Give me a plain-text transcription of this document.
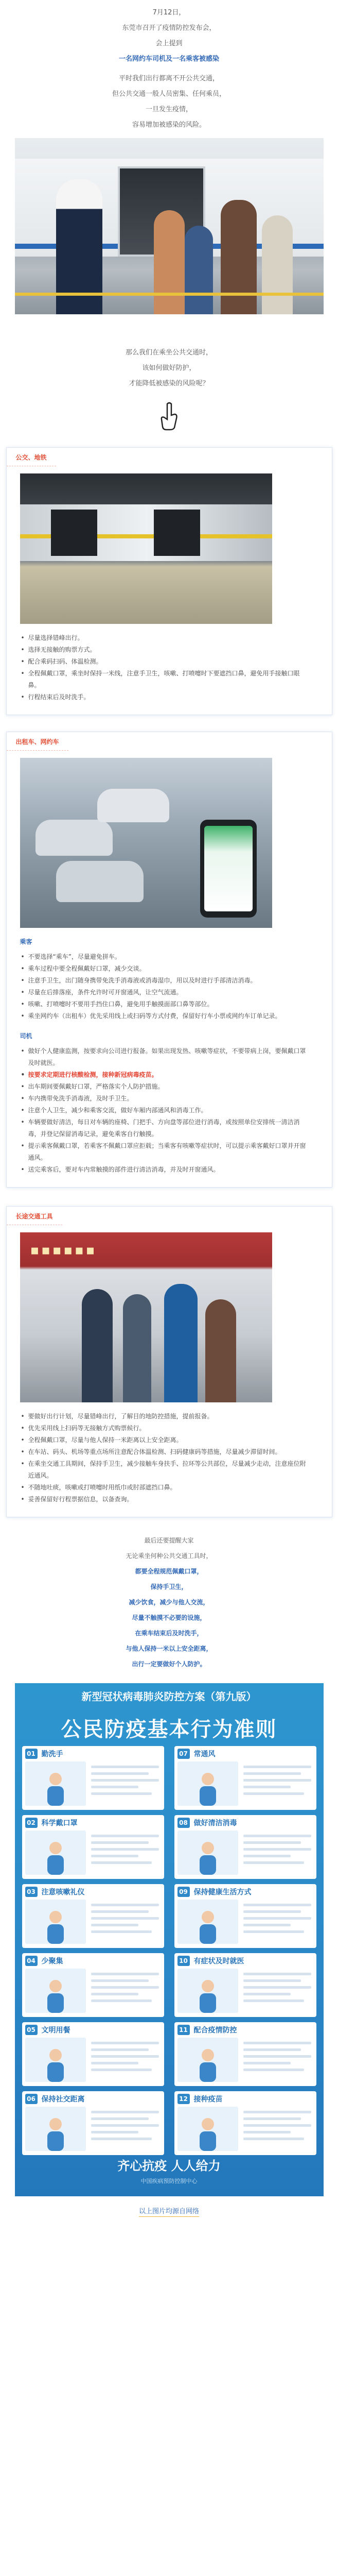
7月12日，

东莞市召开了疫情防控发布会，

会上提到

一名网约车司机及一名乘客被感染

平时我们出行都离不开公共交通，

但公共交通一般人员密集、任何乘员，

一旦发生疫情，

容易增加被感染的风险。

那么我们在乘坐公共交通时，

该如何做好防护，

才能降低被感染的风险呢？

公交、地铁
• 尽量选择错峰出行。
• 选择无接触的购票方式。
• 配合乘码扫码、体温检测。
• 全程佩戴口罩，乘坐时保持一米线，注意手卫生，咳嗽、打喷嚏时下要遮挡口鼻，避免用手接触口眼鼻。
• 行程结束后及时洗手。
出租车、网约车
乘客
• 不要选择“乘车”，尽量避免拼车。
• 乘车过程中要全程佩戴好口罩，减少交谈。
• 注意手卫生，出门随身携带免洗手消毒液或消毒湿巾，用以及时进行手部清洁消毒。
• 尽量在后排落座，条件允许时可开窗通风，让空气流通。
• 咳嗽、打喷嚏时不要用手挡住口鼻，避免用手触摸面部口鼻等部位。
• 乘坐网约车（出租车）优先采用线上或扫码等方式付费，保留好行车小票或网约车订单记录。
司机
• 做好个人健康监测，按要求向公司进行报备。如果出现发热、咳嗽等症状，不要带病上岗，要佩戴口罩及时就医。
• 按要求定期进行核酸检测，接种新冠病毒疫苗。
• 出车期间要佩戴好口罩，严格落实个人防护措施。
• 车内携带免洗手消毒液，及时手卫生。
• 注意个人卫生，减少和乘客交流，做好车厢内部通风和消毒工作。
• 车辆要做好清洁，每日对车辆的座椅、门把手、方向盘等部位进行消毒，或按照单位安排统一清洁消毒，并登记保留消毒记录，避免乘客自行触摸。
• 提示乘客佩戴口罩，若乘客不佩戴口罩应拒载；当乘客有咳嗽等症状时，可以提示乘客戴好口罩并开窗通风。
• 送完乘客后，要对车内常触摸的部件进行清洁消毒，并及时开窗通风。
长途交通工具
▪▪▪▪▪▪
• 要做好出行计划，尽量错峰出行，了解目的地防控措施，提前报备。
• 优先采用线上扫码等无接触方式购票候行。
• 全程佩戴口罩，尽量与他人保持一米距离以上安全距离。
• 在车站、码头、机场等重点场所注意配合体温检测、扫码健康码等措施，尽量减少滞留时间。
• 在乘坐交通工具期间，保持手卫生，减少接触车身扶手、拉环等公共部位，尽量减少走动，注意座位附近通风。
• 不随地吐痰，咳嗽或打喷嚏时用纸巾或肘部遮挡口鼻。
• 妥善保留好行程票据信息，以备查询。

最后还要提醒大家

无论乘坐何种公共交通工具时，

都要全程规范佩戴口罩，

保持手卫生，

减少饮食，减少与他人交流，

尽量不触摸不必要的设施，

在乘车结束后及时洗手，

与他人保持一米以上安全距离，

出行一定要做好个人防护。

新型冠状病毒肺炎防控方案（第九版）
公民防疫基本行为准则
01 勤洗手	07 常通风
02 科学戴口罩	08 做好清洁消毒
03 注意咳嗽礼仪	09 保持健康生活方式
04 少聚集	10 有症状及时就医
05 文明用餐	11 配合疫情防控
06 保持社交距离	12 接种疫苗
齐心抗疫 人人给力
中国疾病预防控制中心
以上图片均源自网络
